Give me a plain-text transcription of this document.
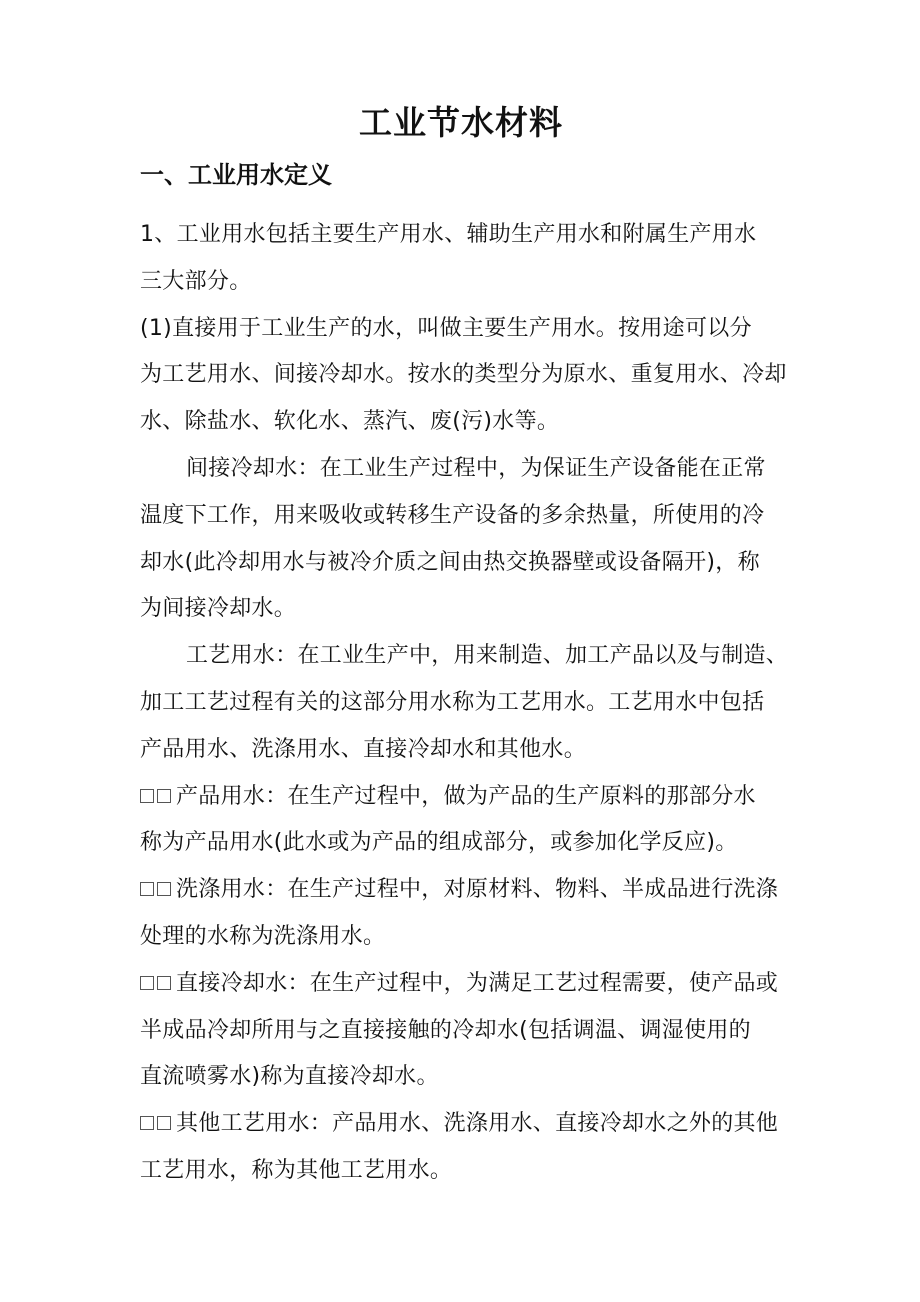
工业节水材料
一、工业用水定义

1、工业用水包括主要生产用水、辅助生产用水和附属生产用水
三大部分。

(1)直接用于工业生产的水，叫做主要生产用水。按用途可以分
为工艺用水、间接冷却水。按水的类型分为原水、重复用水、冷却
水、除盐水、软化水、蒸汽、废(污)水等。

间接冷却水：在工业生产过程中，为保证生产设备能在正常
温度下工作，用来吸收或转移生产设备的多余热量，所使用的冷
却水(此冷却用水与被冷介质之间由热交换器壁或设备隔开)，称
为间接冷却水。

工艺用水：在工业生产中，用来制造、加工产品以及与制造、
加工工艺过程有关的这部分用水称为工艺用水。工艺用水中包括
产品用水、洗涤用水、直接冷却水和其他水。

产品用水：在生产过程中，做为产品的生产原料的那部分水
称为产品用水(此水或为产品的组成部分，或参加化学反应)。

洗涤用水：在生产过程中，对原材料、物料、半成品进行洗涤
处理的水称为洗涤用水。

直接冷却水：在生产过程中，为满足工艺过程需要，使产品或
半成品冷却所用与之直接接触的冷却水(包括调温、调湿使用的
直流喷雾水)称为直接冷却水。

其他工艺用水：产品用水、洗涤用水、直接冷却水之外的其他
工艺用水，称为其他工艺用水。
